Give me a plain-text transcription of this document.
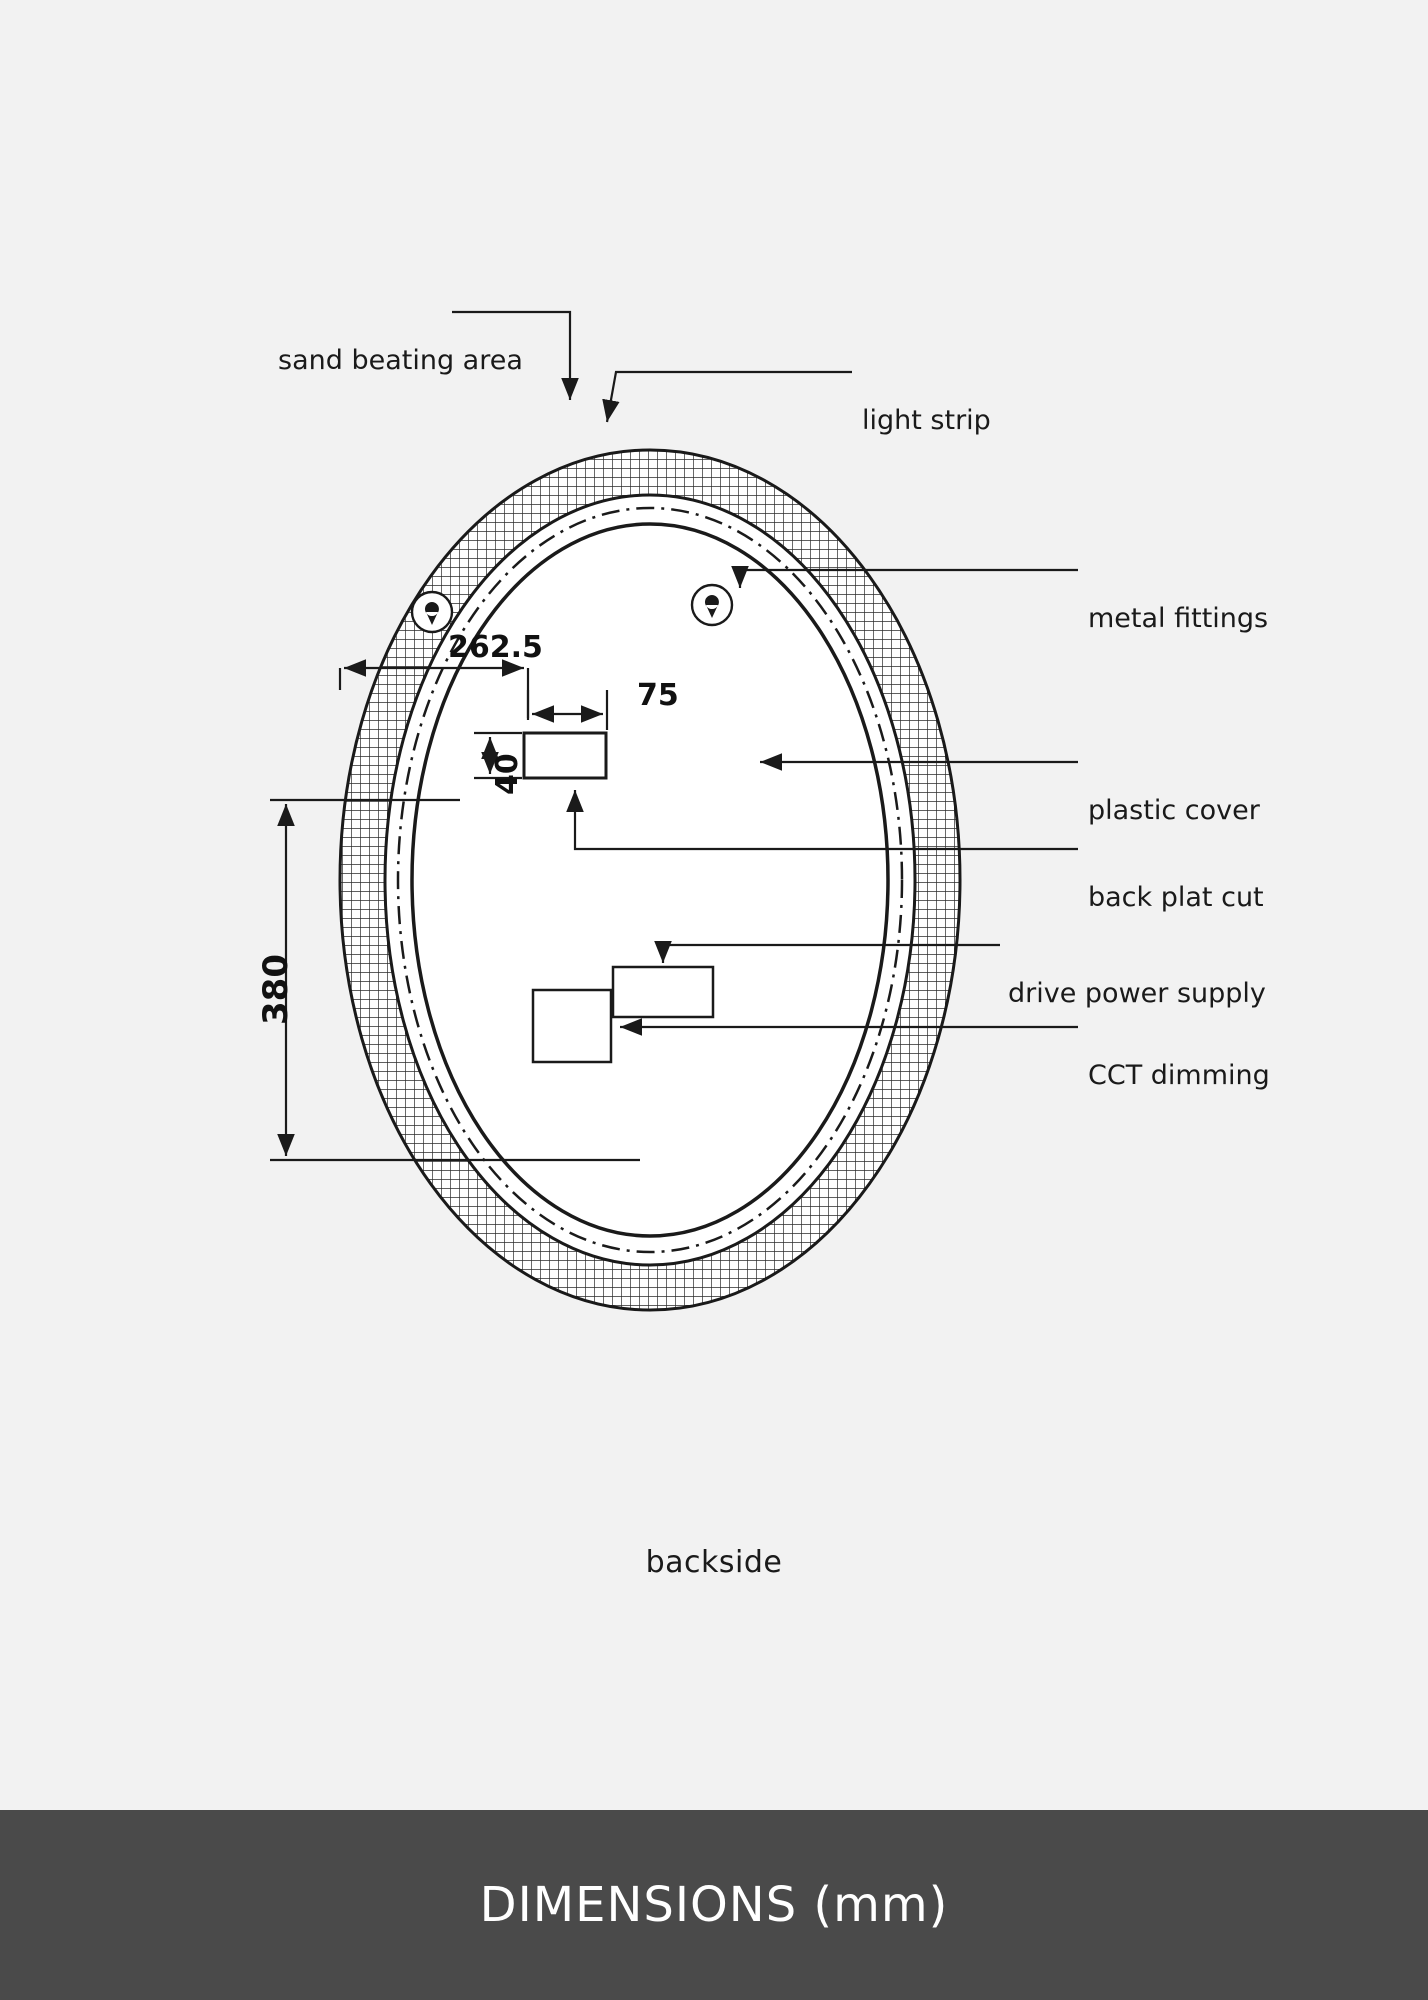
sand beating area
light strip
metal fittings
plastic cover
back plat cut
drive power supply
CCT dimming
262.5
75
40
380
backside
DIMENSIONS (mm)
